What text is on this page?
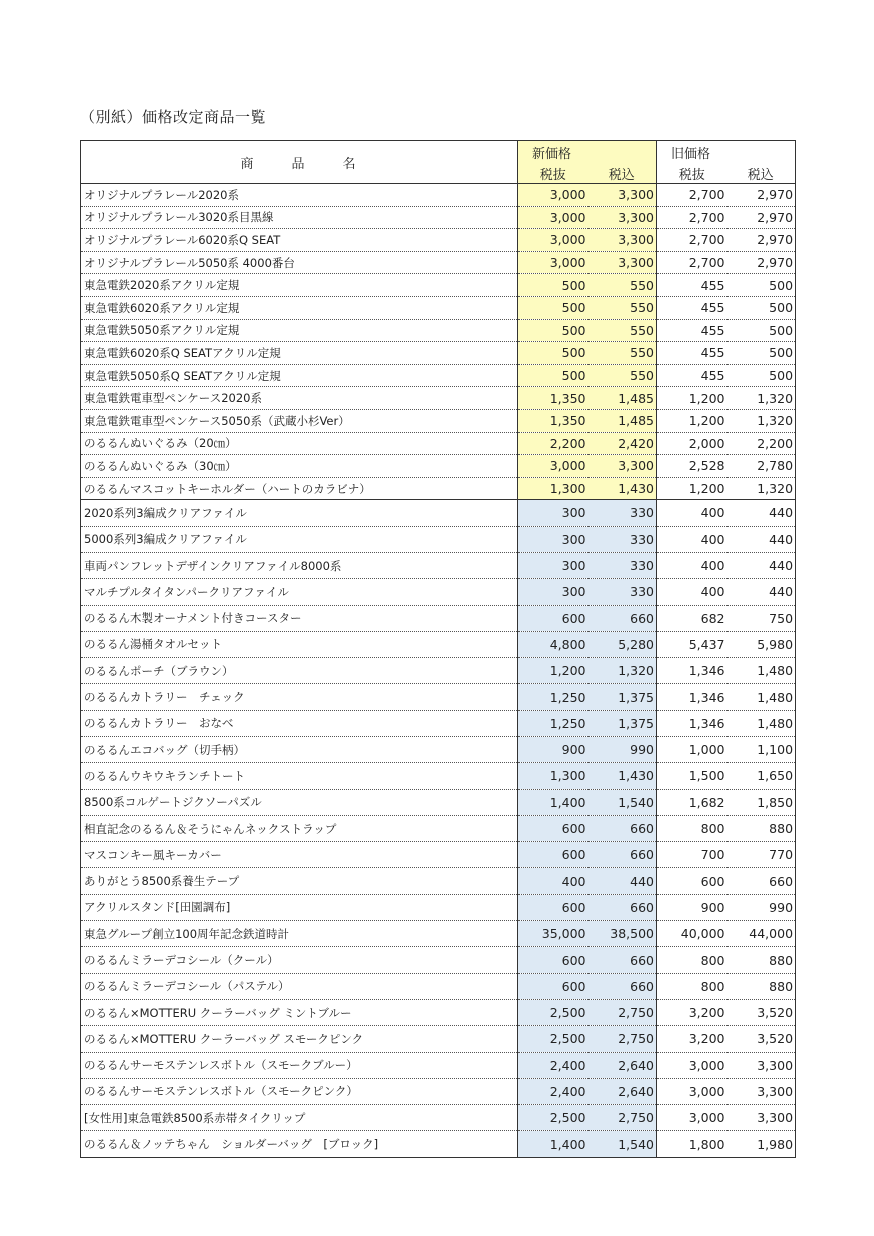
（別紙）価格改定商品一覧
商品名	新価格		旧価格	
	税抜	税込	税抜	税込
オリジナルプラレール2020系	3,000	3,300	2,700	2,970
オリジナルプラレール3020系目黒線	3,000	3,300	2,700	2,970
オリジナルプラレール6020系Q SEAT	3,000	3,300	2,700	2,970
オリジナルプラレール5050系 4000番台	3,000	3,300	2,700	2,970
東急電鉄2020系アクリル定規	500	550	455	500
東急電鉄6020系アクリル定規	500	550	455	500
東急電鉄5050系アクリル定規	500	550	455	500
東急電鉄6020系Q SEATアクリル定規	500	550	455	500
東急電鉄5050系Q SEATアクリル定規	500	550	455	500
東急電鉄電車型ペンケース2020系	1,350	1,485	1,200	1,320
東急電鉄電車型ペンケース5050系（武蔵小杉Ver）	1,350	1,485	1,200	1,320
のるるんぬいぐるみ（20㎝）	2,200	2,420	2,000	2,200
のるるんぬいぐるみ（30㎝）	3,000	3,300	2,528	2,780
のるるんマスコットキーホルダー（ハートのカラビナ）	1,300	1,430	1,200	1,320
2020系列3編成クリアファイル	300	330	400	440
5000系列3編成クリアファイル	300	330	400	440
車両パンフレットデザインクリアファイル8000系	300	330	400	440
マルチプルタイタンパークリアファイル	300	330	400	440
のるるん木製オーナメント付きコースター	600	660	682	750
のるるん湯桶タオルセット	4,800	5,280	5,437	5,980
のるるんポーチ（ブラウン）	1,200	1,320	1,346	1,480
のるるんカトラリー　チェック	1,250	1,375	1,346	1,480
のるるんカトラリー　おなべ	1,250	1,375	1,346	1,480
のるるんエコバッグ（切手柄）	900	990	1,000	1,100
のるるんウキウキランチトート	1,300	1,430	1,500	1,650
8500系コルゲートジクソーパズル	1,400	1,540	1,682	1,850
相直記念のるるん＆そうにゃんネックストラップ	600	660	800	880
マスコンキー風キーカバー	600	660	700	770
ありがとう8500系養生テープ	400	440	600	660
アクリルスタンド[田園調布]	600	660	900	990
東急グループ創立100周年記念鉄道時計	35,000	38,500	40,000	44,000
のるるんミラーデコシール（クール）	600	660	800	880
のるるんミラーデコシール（パステル）	600	660	800	880
のるるん×MOTTERU クーラーバッグ ミントブルー	2,500	2,750	3,200	3,520
のるるん×MOTTERU クーラーバッグ スモークピンク	2,500	2,750	3,200	3,520
のるるんサーモステンレスボトル（スモークブルー）	2,400	2,640	3,000	3,300
のるるんサーモステンレスボトル（スモークピンク）	2,400	2,640	3,000	3,300
[女性用]東急電鉄8500系赤帯タイクリップ	2,500	2,750	3,000	3,300
のるるん＆ノッテちゃん　ショルダーバッグ　[ブロック]	1,400	1,540	1,800	1,980
